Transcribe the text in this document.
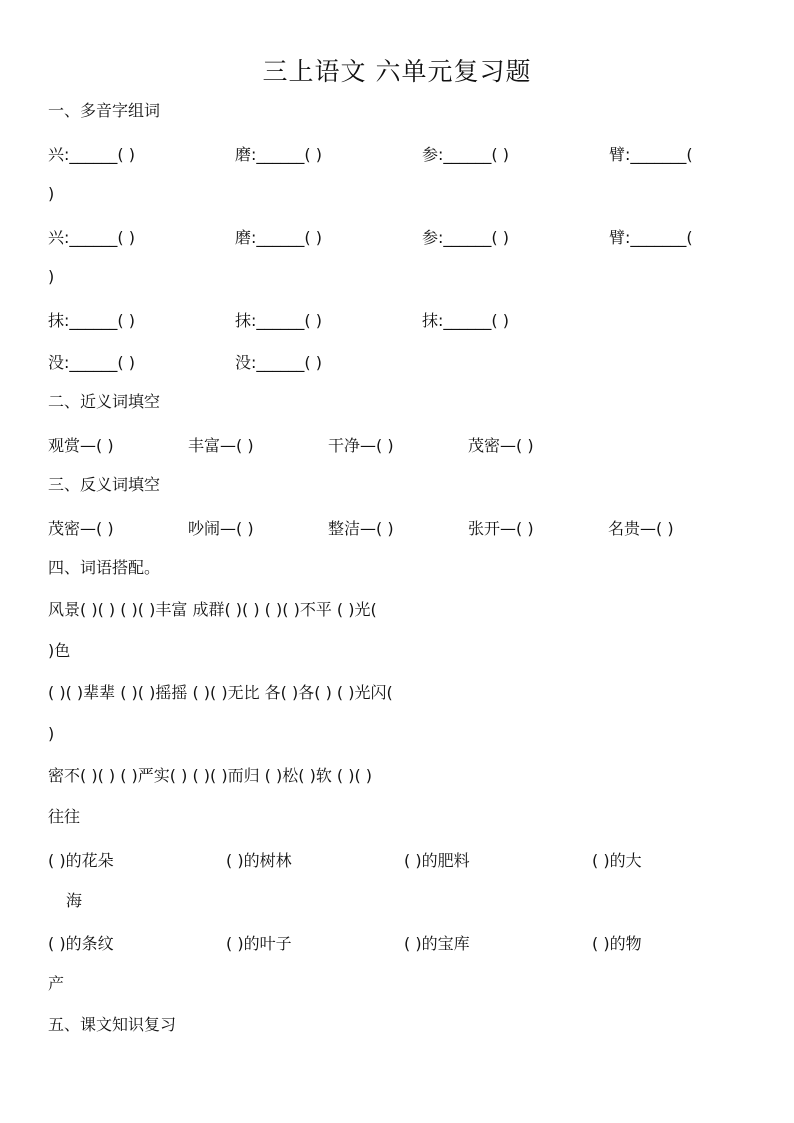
三上语文 六单元复习题
一、多音字组词
兴:______( )	磨:______( )	参:______( )	臂:_______(
)
兴:______( )	磨:______( )	参:______( )	臂:_______(
)
抹:______( )	抹:______( )	抹:______( )
没:______( )	没:______( )
二、近义词填空
观赏—( )	丰富—( )	干净—( )	茂密—( )
三、反义词填空
茂密—( )	吵闹—( )	整洁—( )	张开—( )	名贵—( )
四、词语搭配。
风景( )( ) ( )( )丰富 成群( )( ) ( )( )不平 ( )光(
)色
( )( )辈辈 ( )( )摇摇 ( )( )无比 各( )各( ) ( )光闪(
)
密不( )( ) ( )严实( ) ( )( )而归 ( )松( )软 ( )( )
往往
( )的花朵	( )的树林	( )的肥料	( )的大
海
( )的条纹	( )的叶子	( )的宝库	( )的物
产
五、课文知识复习
